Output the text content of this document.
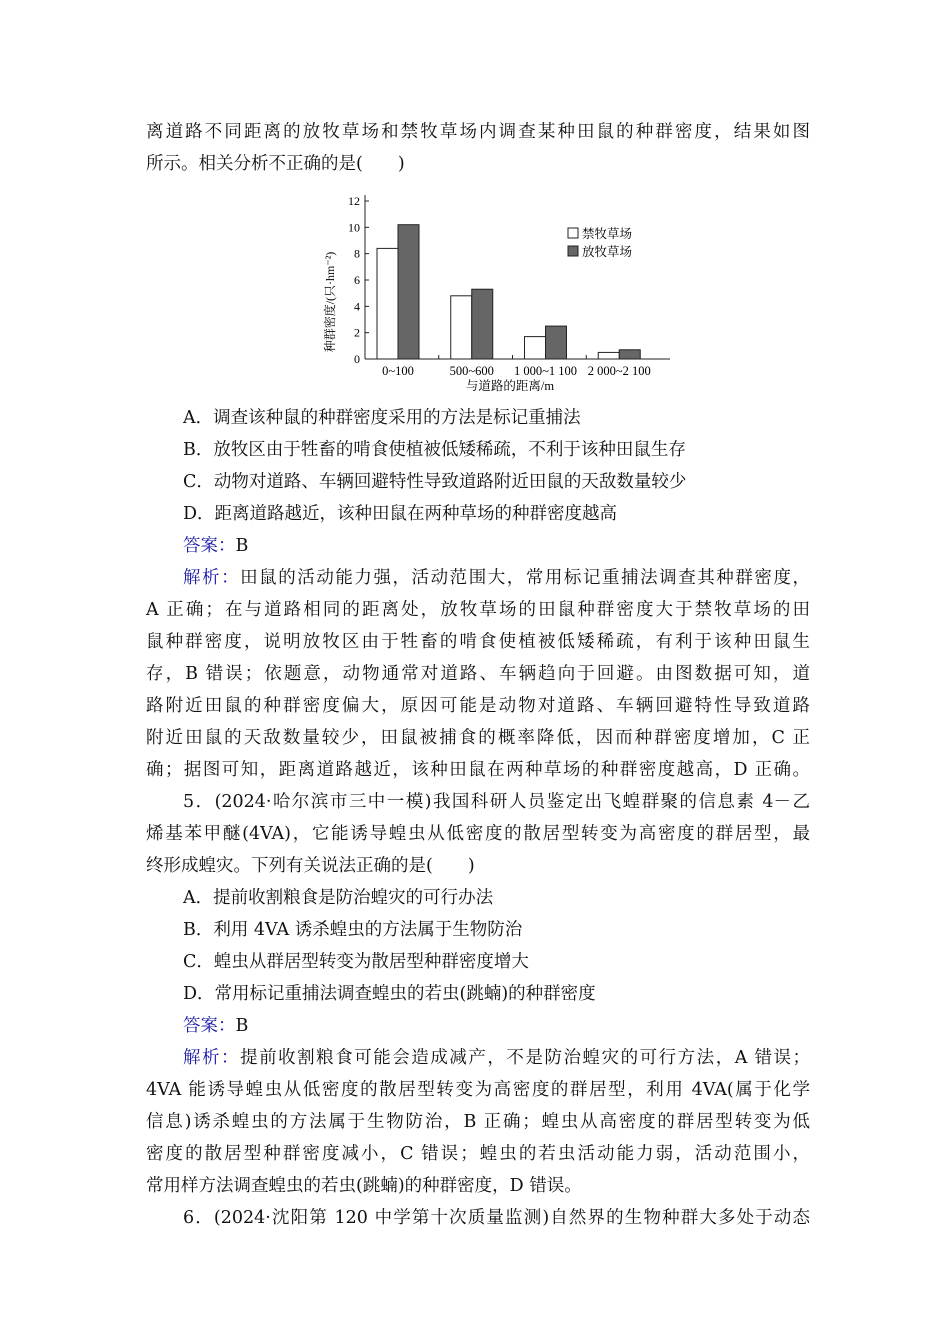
离道路不同距离的放牧草场和禁牧草场内调查某种田鼠的种群密度，结果如图
所示。相关分析不正确的是(　　)
0
2
4
6
8
10
12
0~100	500~600 1 000~1 100 2 000~2 100
禁牧草场
放牧草场
种群密度/(只·hm⁻²)
与道路的距离/m
A．调查该种鼠的种群密度采用的方法是标记重捕法
B．放牧区由于牲畜的啃食使植被低矮稀疏，不利于该种田鼠生存
C．动物对道路、车辆回避特性导致道路附近田鼠的天敌数量较少
D．距离道路越近，该种田鼠在两种草场的种群密度越高
答案：B
解析：田鼠的活动能力强，活动范围大，常用标记重捕法调查其种群密度，
A 正确；在与道路相同的距离处，放牧草场的田鼠种群密度大于禁牧草场的田
鼠种群密度，说明放牧区由于牲畜的啃食使植被低矮稀疏，有利于该种田鼠生
存，B 错误；依题意，动物通常对道路、车辆趋向于回避。由图数据可知，道
路附近田鼠的种群密度偏大，原因可能是动物对道路、车辆回避特性导致道路
附近田鼠的天敌数量较少，田鼠被捕食的概率降低，因而种群密度增加，C 正
确；据图可知，距离道路越近，该种田鼠在两种草场的种群密度越高，D 正确。
5．(2024·哈尔滨市三中一模)我国科研人员鉴定出飞蝗群聚的信息素 4－乙
烯基苯甲醚(4VA)，它能诱导蝗虫从低密度的散居型转变为高密度的群居型，最
终形成蝗灾。下列有关说法正确的是(　　)
A．提前收割粮食是防治蝗灾的可行办法
B．利用 4VA 诱杀蝗虫的方法属于生物防治
C．蝗虫从群居型转变为散居型种群密度增大
D．常用标记重捕法调查蝗虫的若虫(跳蝻)的种群密度
答案：B
解析：提前收割粮食可能会造成减产，不是防治蝗灾的可行方法，A 错误；
4VA 能诱导蝗虫从低密度的散居型转变为高密度的群居型，利用 4VA(属于化学
信息)诱杀蝗虫的方法属于生物防治，B 正确；蝗虫从高密度的群居型转变为低
密度的散居型种群密度减小，C 错误；蝗虫的若虫活动能力弱，活动范围小，
常用样方法调查蝗虫的若虫(跳蝻)的种群密度，D 错误。
6．(2024·沈阳第 120 中学第十次质量监测)自然界的生物种群大多处于动态
